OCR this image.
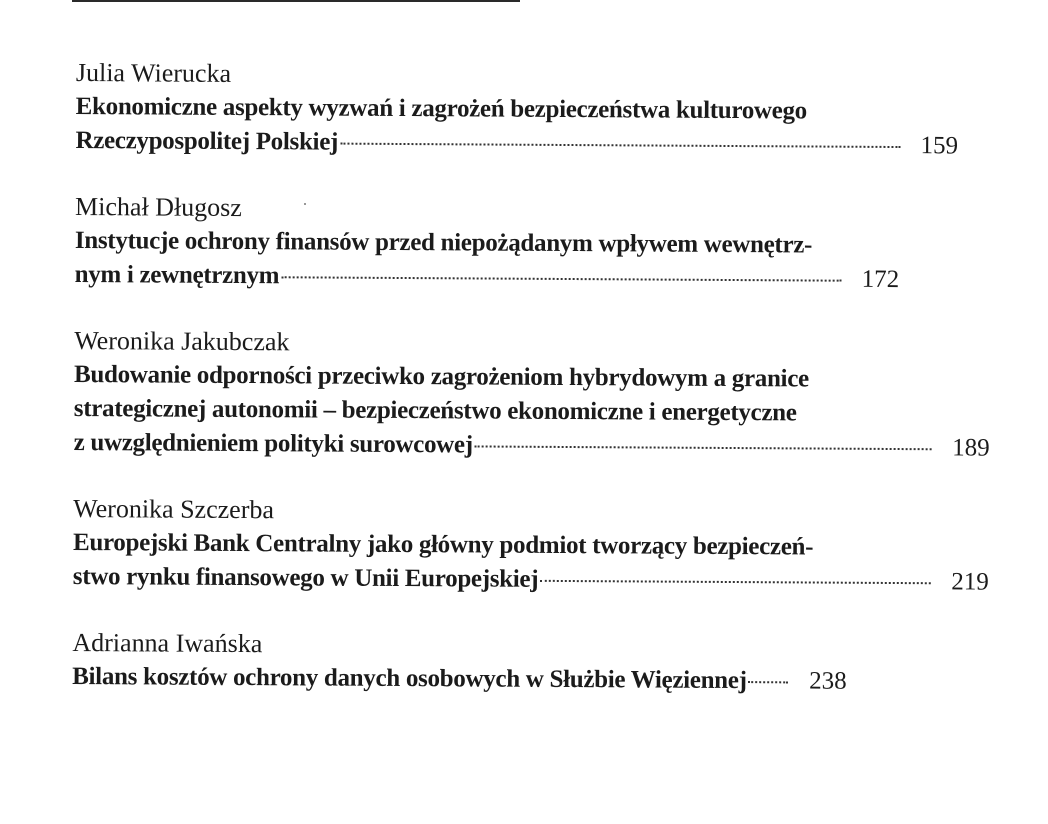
Julia Wierucka
Ekonomiczne aspekty wyzwań i zagrożeń bezpieczeństwa kulturowego
Rzeczypospolitej Polskiej	159
Michał Długosz
Instytucje ochrony finansów przed niepożądanym wpływem wewnętrz-
nym i zewnętrznym	172
Weronika Jakubczak
Budowanie odporności przeciwko zagrożeniom hybrydowym a granice
strategicznej autonomii – bezpieczeństwo ekonomiczne i energetyczne
z uwzględnieniem polityki surowcowej	189
Weronika Szczerba
Europejski Bank Centralny jako główny podmiot tworzący bezpieczeń-
stwo rynku finansowego w Unii Europejskiej	219
Adrianna Iwańska
Bilans kosztów ochrony danych osobowych w Służbie Więziennej	238
